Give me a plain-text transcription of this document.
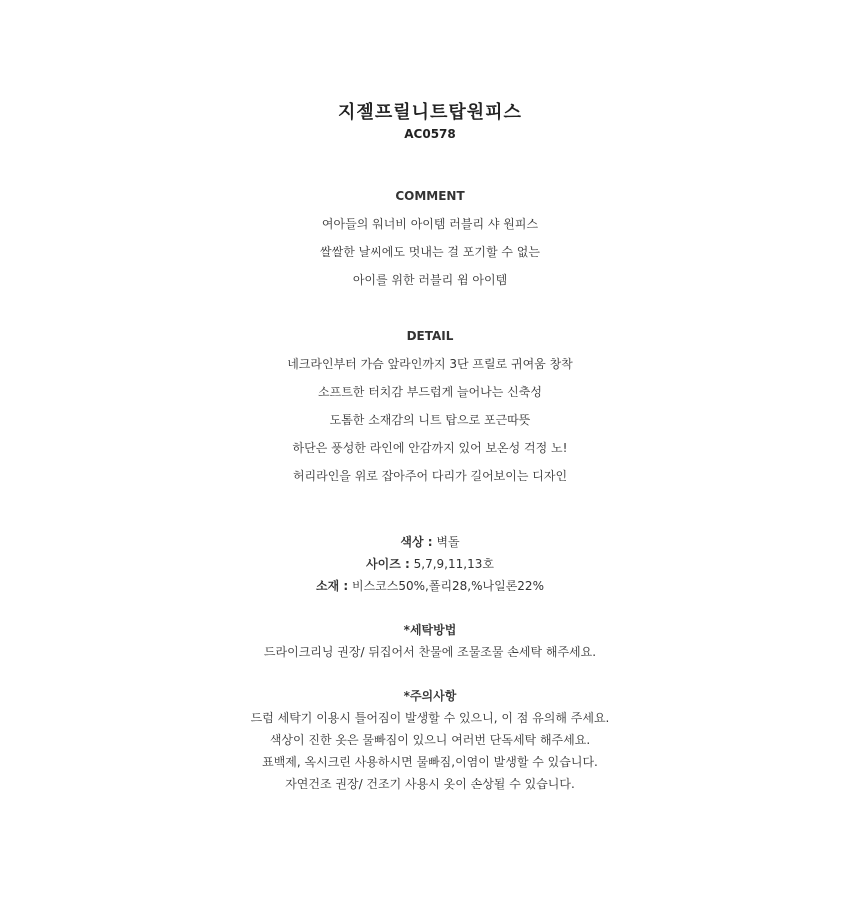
지젤프릴니트탑원피스
AC0578
COMMENT
여아들의 워너비 아이템 러블리 샤 원피스
쌀쌀한 날씨에도 멋내는 걸 포기할 수 없는
아이를 위한 러블리 윔 아이템
DETAIL
네크라인부터 가슴 앞라인까지 3단 프릴로 귀여움 창착
소프트한 터치감 부드럽게 늘어나는 신축성
도톰한 소재감의 니트 탑으로 포근따뜻
하단은 풍성한 라인에 안감까지 있어 보온성 걱정 노!
허리라인을 위로 잡아주어 다리가 길어보이는 디자인
색상 : 벽돌
사이즈 : 5,7,9,11,13호
소재 : 비스코스50%,폴리28,%나일론22%
*세탁방법
드라이크리닝 권장/ 뒤집어서 찬물에 조물조물 손세탁 해주세요.
*주의사항
드럼 세탁기 이용시 틀어짐이 발생할 수 있으니, 이 점 유의해 주세요.
색상이 진한 옷은 물빠짐이 있으니 여러번 단독세탁 해주세요.
표백제, 옥시크린 사용하시면 물빠짐,이염이 발생할 수 있습니다.
자연건조 권장/ 건조기 사용시 옷이 손상될 수 있습니다.
